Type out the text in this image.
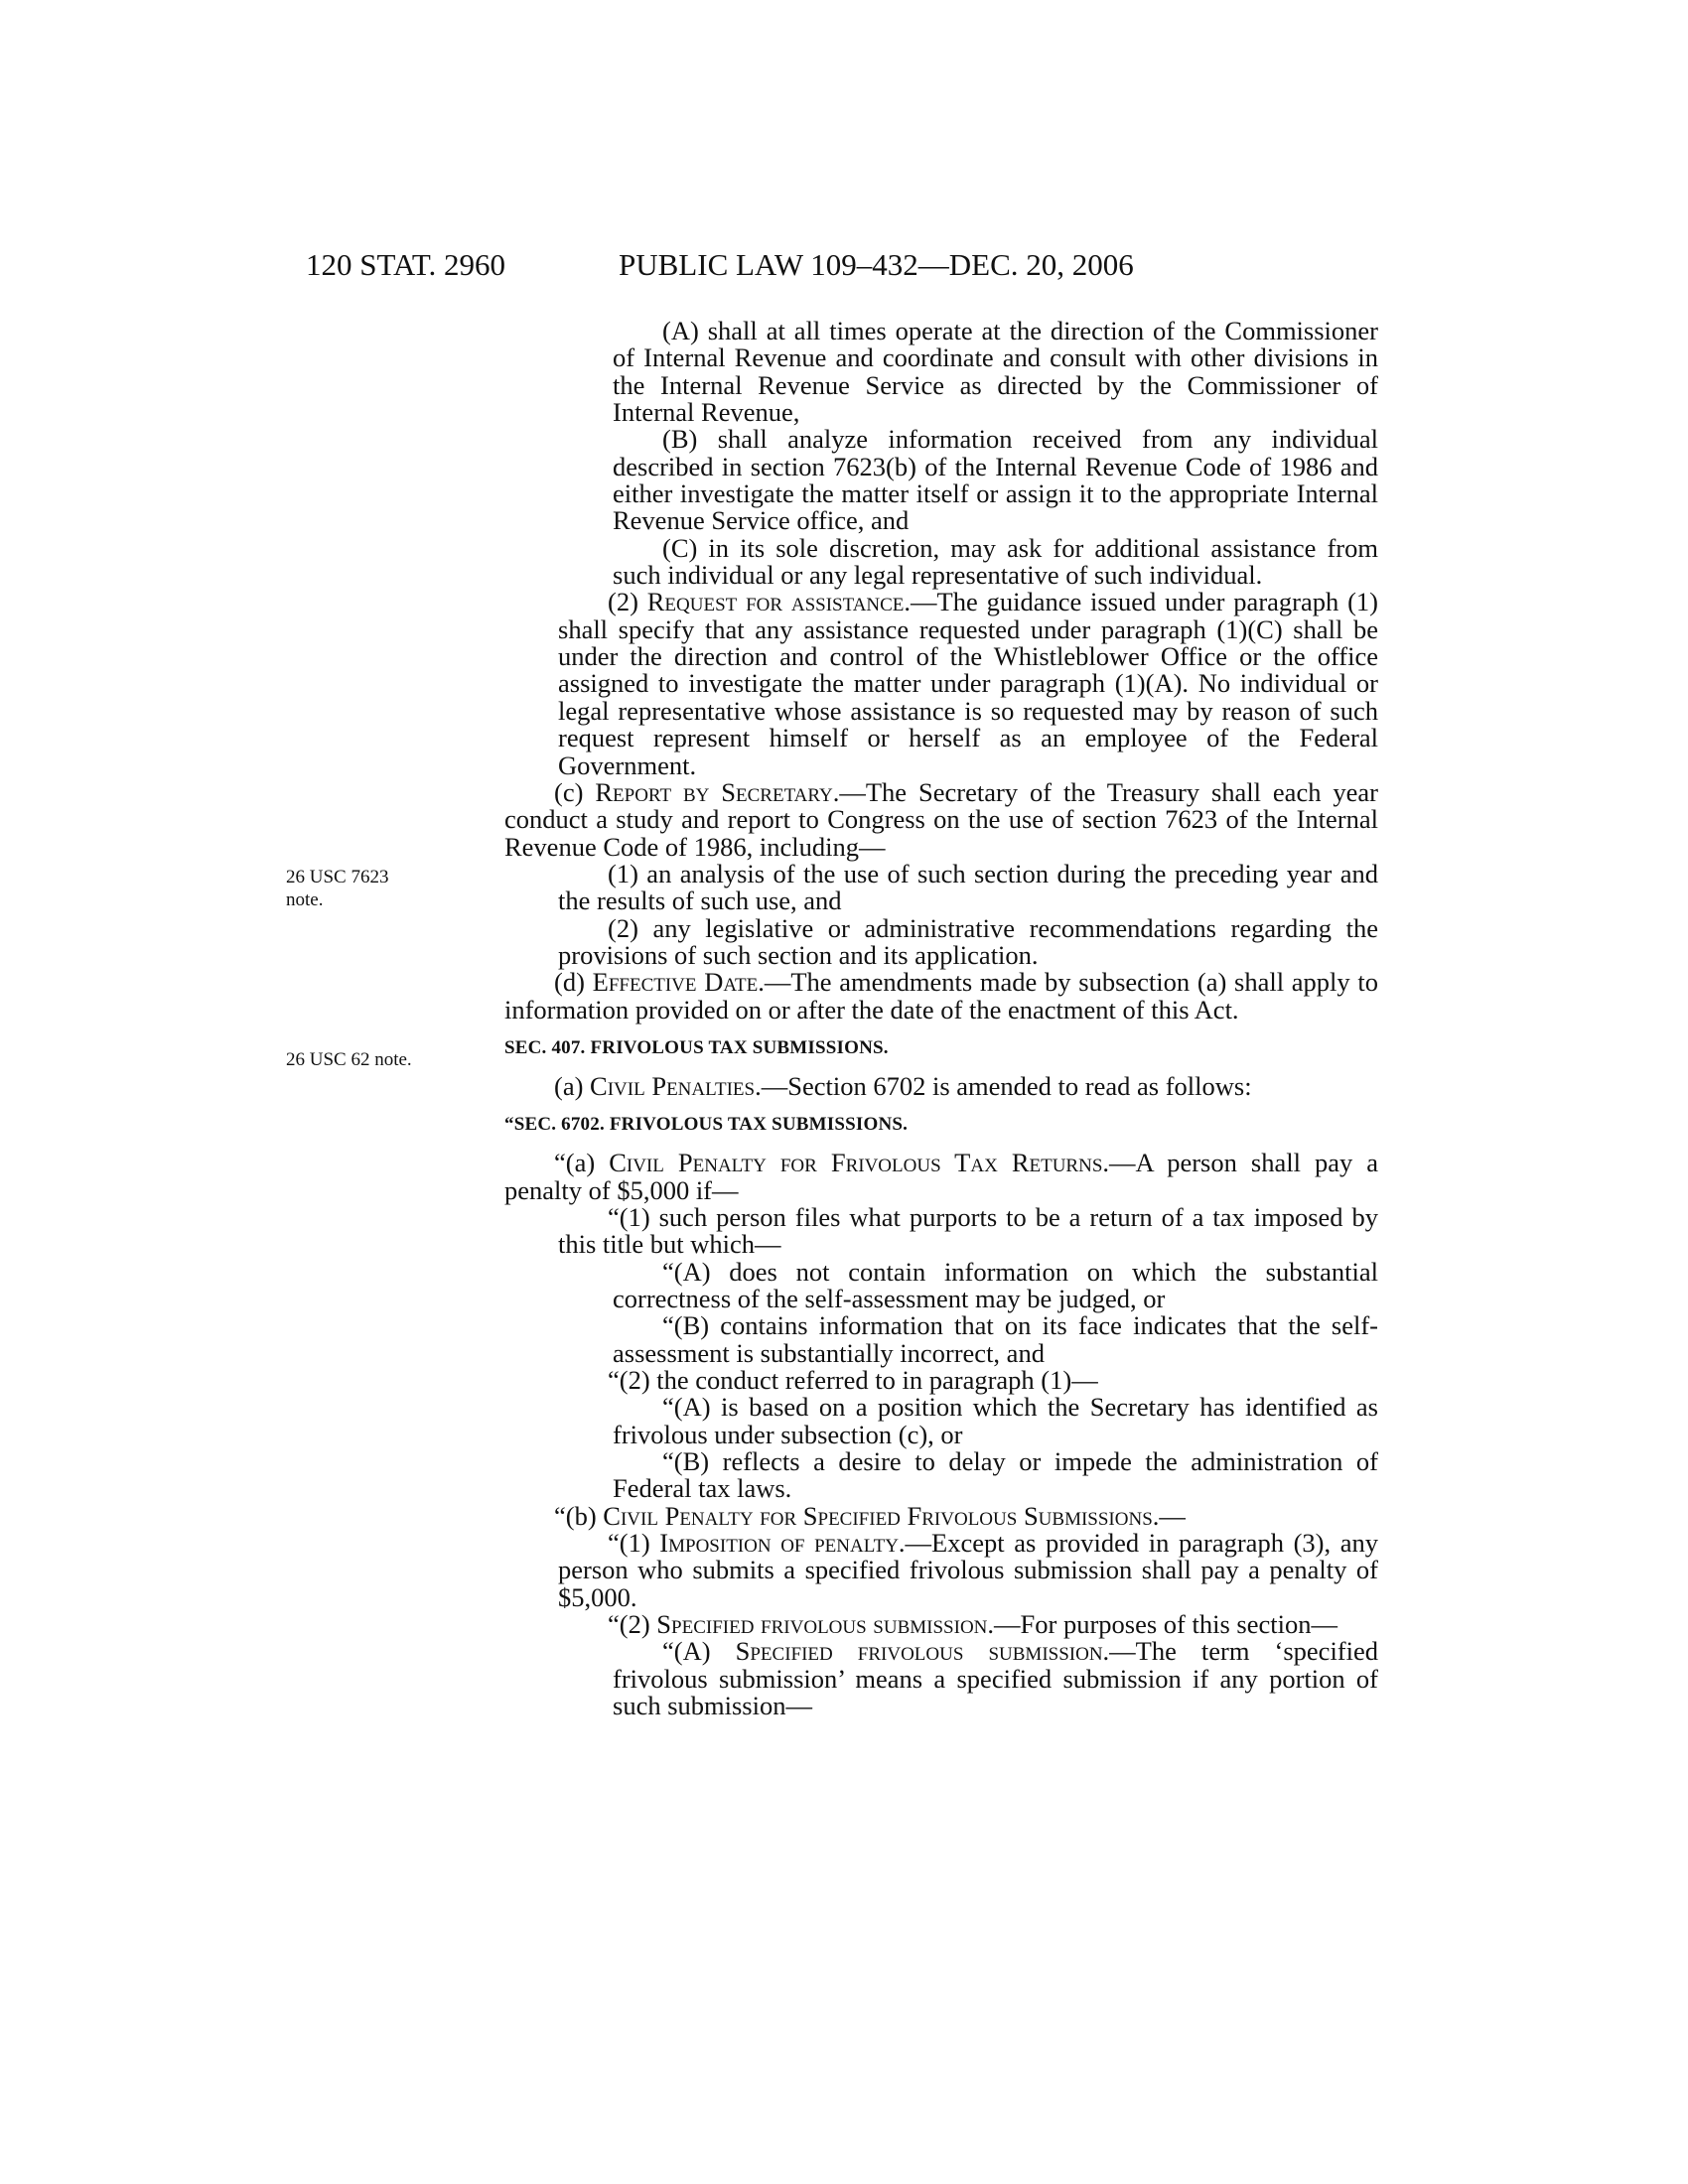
120 STAT. 2960	PUBLIC LAW 109–432—DEC. 20, 2006
26 USC 7623
note.
26 USC 62 note.

(A) shall at all times operate at the direction of the Commissioner of Internal Revenue and coordinate and consult with other divisions in the Internal Revenue Service as directed by the Commissioner of Internal Revenue,

(B) shall analyze information received from any individual described in section 7623(b) of the Internal Revenue Code of 1986 and either investigate the matter itself or assign it to the appropriate Internal Revenue Service office, and

(C) in its sole discretion, may ask for additional assistance from such individual or any legal representative of such individual.

(2) Request for assistance.—The guidance issued under paragraph (1) shall specify that any assistance requested under paragraph (1)(C) shall be under the direction and control of the Whistleblower Office or the office assigned to investigate the matter under paragraph (1)(A). No individual or legal representative whose assistance is so requested may by reason of such request represent himself or herself as an employee of the Federal Government.

(c) Report by Secretary.—The Secretary of the Treasury shall each year conduct a study and report to Congress on the use of section 7623 of the Internal Revenue Code of 1986, including—

(1) an analysis of the use of such section during the preceding year and the results of such use, and

(2) any legislative or administrative recommendations regarding the provisions of such section and its application.

(d) Effective Date.—The amendments made by subsection (a) shall apply to information provided on or after the date of the enactment of this Act.

SEC. 407. FRIVOLOUS TAX SUBMISSIONS.

(a) Civil Penalties.—Section 6702 is amended to read as follows:

“SEC. 6702. FRIVOLOUS TAX SUBMISSIONS.

“(a) Civil Penalty for Frivolous Tax Returns.—A person shall pay a penalty of $5,000 if—

“(1) such person files what purports to be a return of a tax imposed by this title but which—

“(A) does not contain information on which the substantial correctness of the self-assessment may be judged, or

“(B) contains information that on its face indicates that the self-assessment is substantially incorrect, and

“(2) the conduct referred to in paragraph (1)—

“(A) is based on a position which the Secretary has identified as frivolous under subsection (c), or

“(B) reflects a desire to delay or impede the administration of Federal tax laws.

“(b) Civil Penalty for Specified Frivolous Submissions.—

“(1) Imposition of penalty.—Except as provided in paragraph (3), any person who submits a specified frivolous submission shall pay a penalty of $5,000.

“(2) Specified frivolous submission.—For purposes of this section—

“(A) Specified frivolous submission.—The term ‘specified frivolous submission’ means a specified submission if any portion of such submission—
